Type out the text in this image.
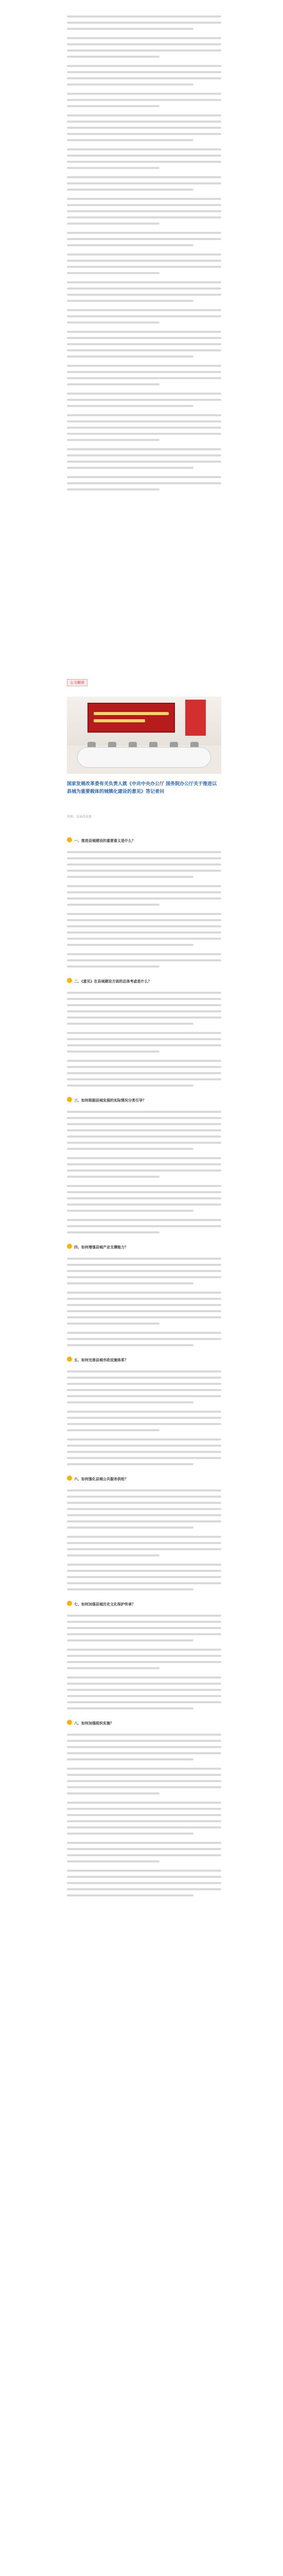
公文解读
国家发展改革委有关负责人就《中共中央办公厅 国务院办公厅关于推进以县城为重要载体的城镇化建设的意见》答记者问
来源：发展改革委
一、推进县城建设的重要意义是什么？
二、《意见》在县城建设方面的总体考虑是什么？
三、如何根据县城发展的实际情况分类引导？
四、如何增强县城产业支撑能力？
五、如何完善县城市政设施体系？
六、如何强化县城公共服务供给？
七、如何加强县城历史文化保护传承？
八、如何加强组织实施？
